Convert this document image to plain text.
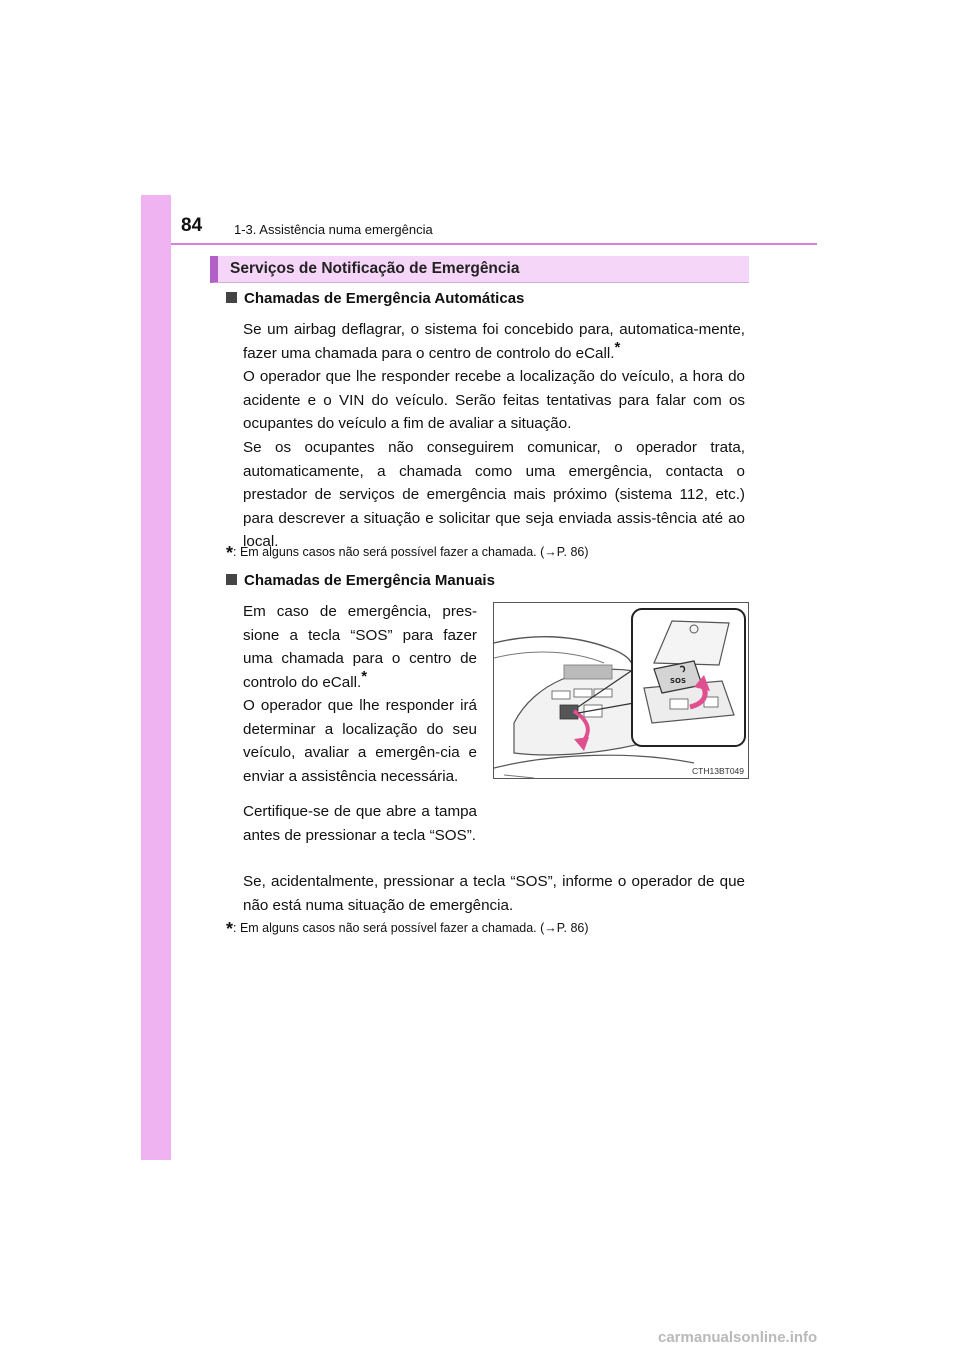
84 1-3. Assistência numa emergência
Serviços de Notificação de Emergência
Chamadas de Emergência Automáticas

Se um airbag deflagrar, o sistema foi concebido para, automatica-mente, fazer uma chamada para o centro de controlo do eCall.*
O operador que lhe responder recebe a localização do veículo, a hora do acidente e o VIN do veículo. Serão feitas tentativas para falar com os ocupantes do veículo a fim de avaliar a situação.

Se os ocupantes não conseguirem comunicar, o operador trata, automaticamente, a chamada como uma emergência, contacta o prestador de serviços de emergência mais próximo (sistema 112, etc.) para descrever a situação e solicitar que seja enviada assis-tência até ao local.

*: Em alguns casos não será possível fazer a chamada. (→P. 86)
Chamadas de Emergência Manuais

Em caso de emergência, pres-sione a tecla “SOS” para fazer uma chamada para o centro de controlo do eCall.*
O operador que lhe responder irá determinar a localização do seu veículo, avaliar a emergên-cia e enviar a assistência necessária.

Certifique-se de que abre a tampa antes de pressionar a tecla “SOS”.

Se, acidentalmente, pressionar a tecla “SOS”, informe o operador de que não está numa situação de emergência.

*: Em alguns casos não será possível fazer a chamada. (→P. 86)
SOS
CTH13BT049
carmanualsonline.info
